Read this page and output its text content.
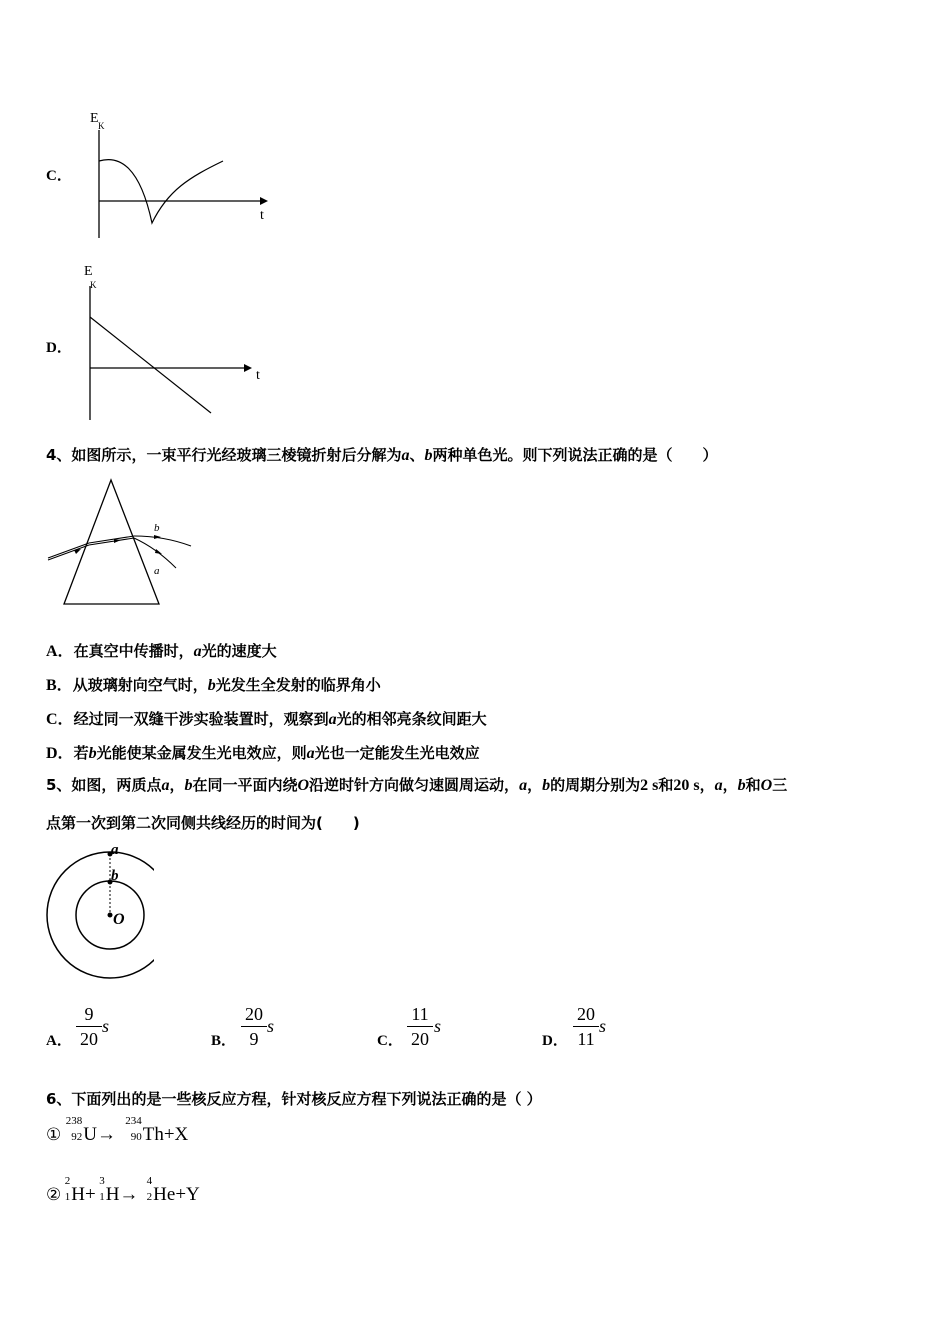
C．
E K
t
D．
E
K
t
4、如图所示，一束平行光经玻璃三棱镜折射后分解为a、b两种单色光。则下列说法正确的是（　　）
b
a
A．在真空中传播时，a光的速度大
B．从玻璃射向空气时，b光发生全发射的临界角小
C．经过同一双缝干涉实验装置时，观察到a光的相邻亮条纹间距大
D．若b光能使某金属发生光电效应，则a光也一定能发生光电效应
5、如图，两质点a，b在同一平面内绕O沿逆时针方向做匀速圆周运动，a，b的周期分别为2 s和20 s，a，b和O三
点第一次到第二次同侧共线经历的时间为(　　)
a
b
O
A．
9
20
s
B．
20
9
s
C．
11
20
s
D．
20
11
s
6、下面列出的是一些核反应方程，针对核反应方程下列说法正确的是（ ）
①
238
92 U→
234
90 Th+X
②
2
1 H+
3
1 H→
4
2 He+Y
